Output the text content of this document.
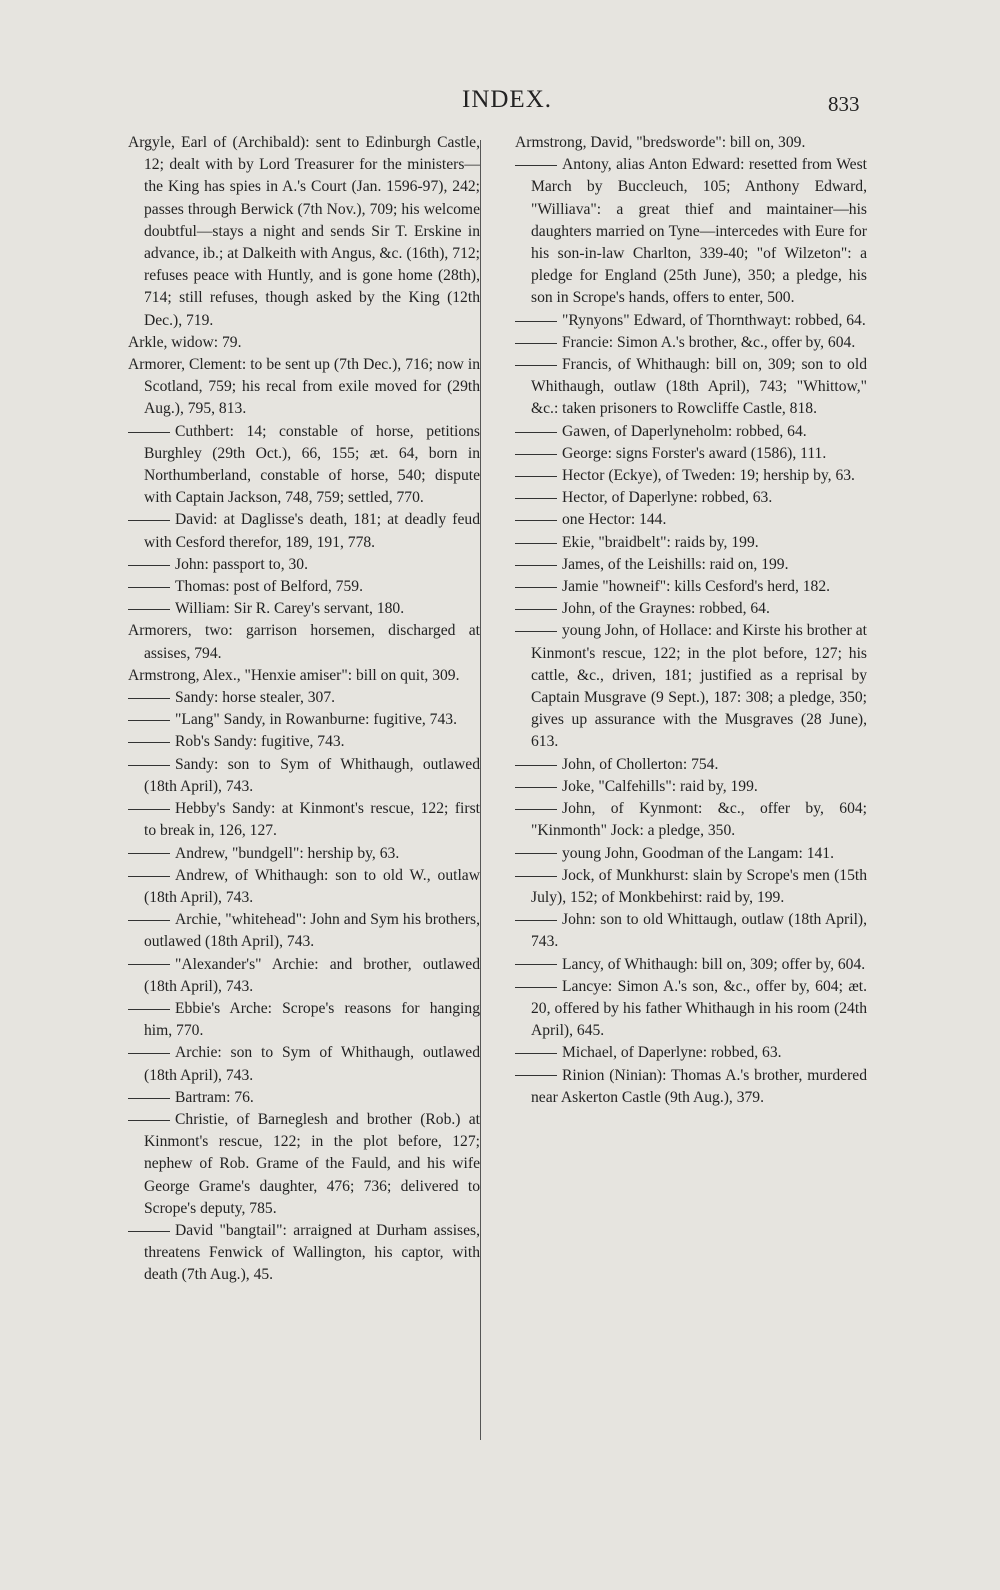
INDEX.	833

Argyle, Earl of (Archibald): sent to Edinburgh Castle, 12; dealt with by Lord Treasurer for the ministers—the King has spies in A.'s Court (Jan. 1596-97), 242; passes through Berwick (7th Nov.), 709; his welcome doubtful—stays a night and sends Sir T. Erskine in advance, ib.; at Dalkeith with Angus, &c. (16th), 712; refuses peace with Huntly, and is gone home (28th), 714; still refuses, though asked by the King (12th Dec.), 719.

Arkle, widow: 79.

Armorer, Clement: to be sent up (7th Dec.), 716; now in Scotland, 759; his recal from exile moved for (29th Aug.), 795, 813.

Cuthbert: 14; constable of horse, petitions Burghley (29th Oct.), 66, 155; æt. 64, born in Northumberland, constable of horse, 540; dispute with Captain Jackson, 748, 759; settled, 770.

David: at Daglisse's death, 181; at deadly feud with Cesford therefor, 189, 191, 778.

John: passport to, 30.

Thomas: post of Belford, 759.

William: Sir R. Carey's servant, 180.

Armorers, two: garrison horsemen, discharged at assises, 794.

Armstrong, Alex., "Henxie amiser": bill on quit, 309.

Sandy: horse stealer, 307.

"Lang" Sandy, in Rowanburne: fugitive, 743.

Rob's Sandy: fugitive, 743.

Sandy: son to Sym of Whithaugh, outlawed (18th April), 743.

Hebby's Sandy: at Kinmont's rescue, 122; first to break in, 126, 127.

Andrew, "bundgell": hership by, 63.

Andrew, of Whithaugh: son to old W., outlaw (18th April), 743.

Archie, "whitehead": John and Sym his brothers, outlawed (18th April), 743.

"Alexander's" Archie: and brother, outlawed (18th April), 743.

Ebbie's Arche: Scrope's reasons for hanging him, 770.

Archie: son to Sym of Whithaugh, outlawed (18th April), 743.

Bartram: 76.

Christie, of Barneglesh and brother (Rob.) at Kinmont's rescue, 122; in the plot before, 127; nephew of Rob. Grame of the Fauld, and his wife George Grame's daughter, 476; 736; delivered to Scrope's deputy, 785.

David "bangtail": arraigned at Durham assises, threatens Fenwick of Wallington, his captor, with death (7th Aug.), 45.

Armstrong, David, "bredsworde": bill on, 309.

Antony, alias Anton Edward: resetted from West March by Buccleuch, 105; Anthony Edward, "Williava": a great thief and maintainer—his daughters married on Tyne—intercedes with Eure for his son-in-law Charlton, 339-40; "of Wilzeton": a pledge for England (25th June), 350; a pledge, his son in Scrope's hands, offers to enter, 500.

"Rynyons" Edward, of Thornthwayt: robbed, 64.

Francie: Simon A.'s brother, &c., offer by, 604.

Francis, of Whithaugh: bill on, 309; son to old Whithaugh, outlaw (18th April), 743; "Whittow," &c.: taken prisoners to Rowcliffe Castle, 818.

Gawen, of Daperlyneholm: robbed, 64.

George: signs Forster's award (1586), 111.

Hector (Eckye), of Tweden: 19; hership by, 63.

Hector, of Daperlyne: robbed, 63.

one Hector: 144.

Ekie, "braidbelt": raids by, 199.

James, of the Leishills: raid on, 199.

Jamie "howneif": kills Cesford's herd, 182.

John, of the Graynes: robbed, 64.

young John, of Hollace: and Kirste his brother at Kinmont's rescue, 122; in the plot before, 127; his cattle, &c., driven, 181; justified as a reprisal by Captain Musgrave (9 Sept.), 187: 308; a pledge, 350; gives up assurance with the Musgraves (28 June), 613.

John, of Chollerton: 754.

Joke, "Calfehills": raid by, 199.

John, of Kynmont: &c., offer by, 604; "Kinmonth" Jock: a pledge, 350.

young John, Goodman of the Langam: 141.

Jock, of Munkhurst: slain by Scrope's men (15th July), 152; of Monkbehirst: raid by, 199.

John: son to old Whittaugh, outlaw (18th April), 743.

Lancy, of Whithaugh: bill on, 309; offer by, 604.

Lancye: Simon A.'s son, &c., offer by, 604; æt. 20, offered by his father Whithaugh in his room (24th April), 645.

Michael, of Daperlyne: robbed, 63.

Rinion (Ninian): Thomas A.'s brother, murdered near Askerton Castle (9th Aug.), 379.
